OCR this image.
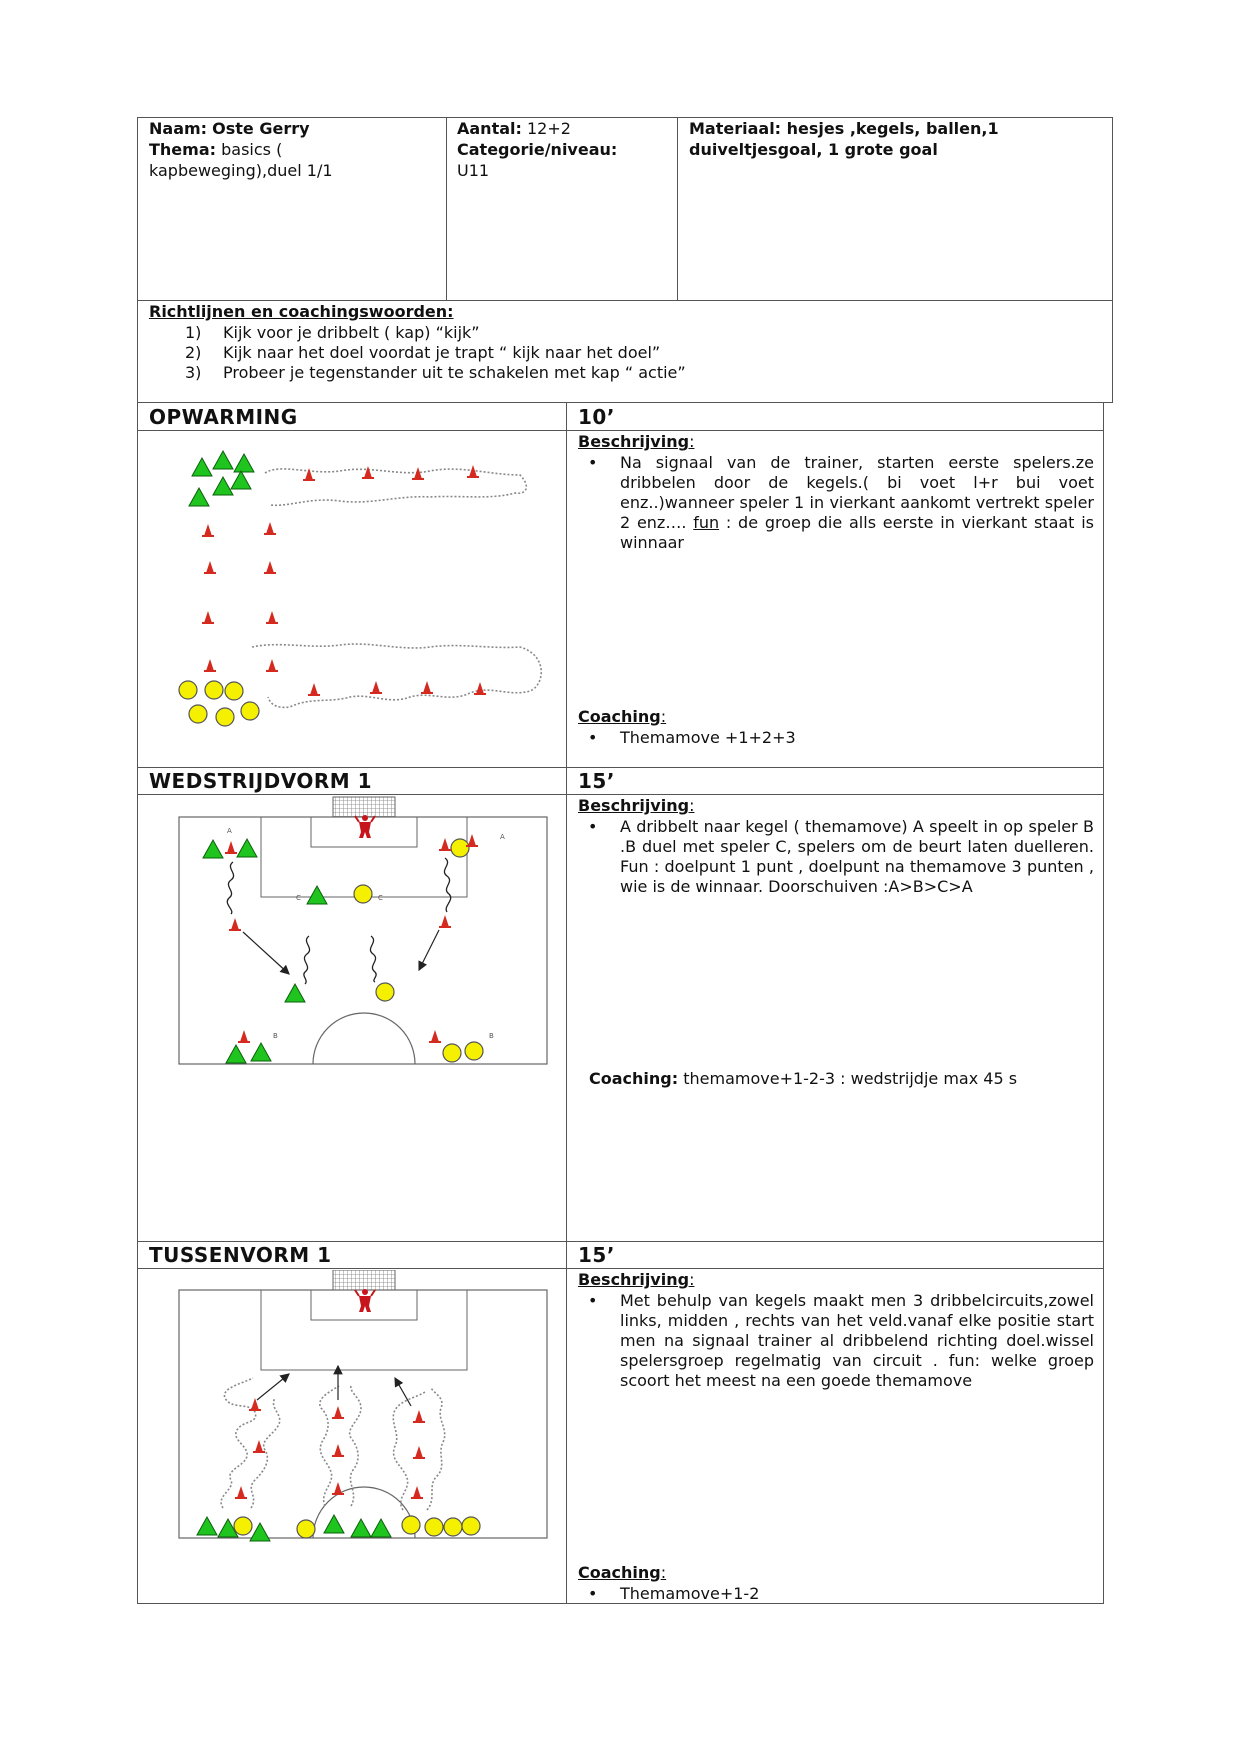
Naam: Oste Gerry
Thema: basics (
kapbeweging),duel 1/1
Aantal: 12+2
Categorie/niveau:
U11
Materiaal: hesjes ,kegels, ballen,1
duiveltjesgoal, 1 grote goal
Richtlijnen en coachingswoorden:
1) Kijk voor je dribbelt ( kap) “kijk”
2) Kijk naar het doel voordat je trapt “ kijk naar het doel”
3) Probeer je tegenstander uit te schakelen met kap “ actie”
OPWARMING	10’
Beschrijving:
• Na signaal van de trainer, starten eerste spelers.ze dribbelen door de kegels.( bi voet l+r bui voet enz..)wanneer speler 1 in vierkant aankomt vertrekt speler 2 enz…. fun : de groep die alls eerste in vierkant staat is winnaar
Coaching:
• Themamove +1+2+3
WEDSTRIJDVORM 1	15’
Beschrijving:
• A dribbelt naar kegel ( themamove) A speelt in op speler B .B duel met speler C, spelers om de beurt laten duelleren. Fun : doelpunt 1 punt , doelpunt na themamove 3 punten , wie is de winnaar. Doorschuiven :A>B>C>A
Coaching: themamove+1-2-3 : wedstrijdje max 45 s
TUSSENVORM 1	15’
Beschrijving:
• Met behulp van kegels maakt men 3 dribbelcircuits,zowel links, midden , rechts van het veld.vanaf elke positie start men na signaal trainer al dribbelend richting doel.wissel spelersgroep regelmatig van circuit . fun: welke groep scoort het meest na een goede themamove
Coaching:
• Themamove+1-2
A
C
A
C
B	B
